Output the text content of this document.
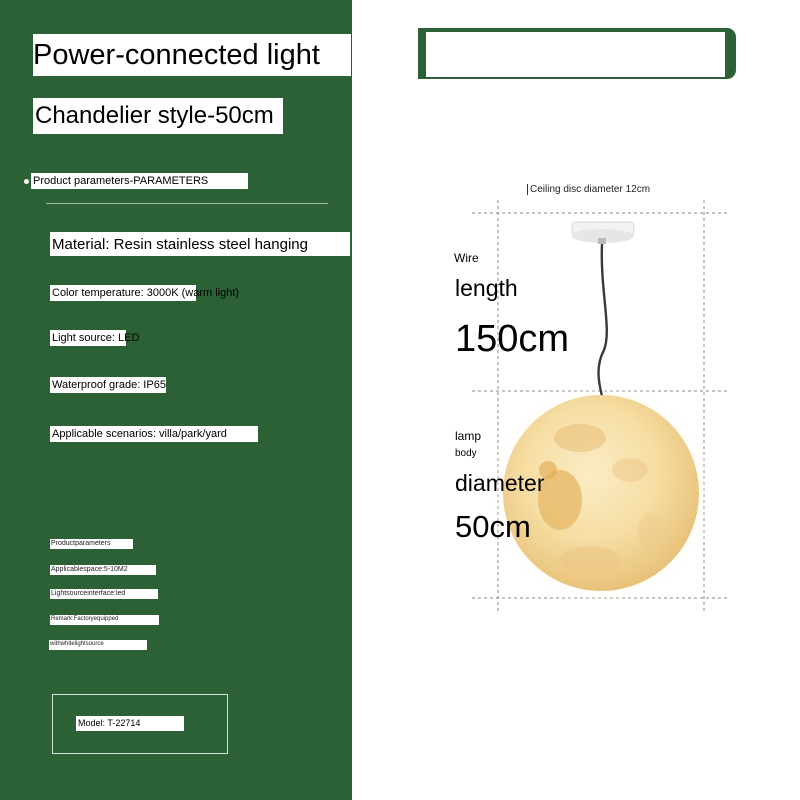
Power-connected light
Chandelier style-50cm
Product parameters-PARAMETERS
Material: Resin stainless steel hanging
Color temperature: 3000K (warm light)
Light source: LED
Waterproof grade: IP65
Applicable scenarios: villa/park/yard
Productparameters
Applicablespace:5-10M2
Lightsourceinterface:led
Remark:Factoryequipped
withwhitelightsource
Model: T-22714
Ceiling disc diameter 12cm
Wire
length
150cm
lamp
body
diameter
50cm
